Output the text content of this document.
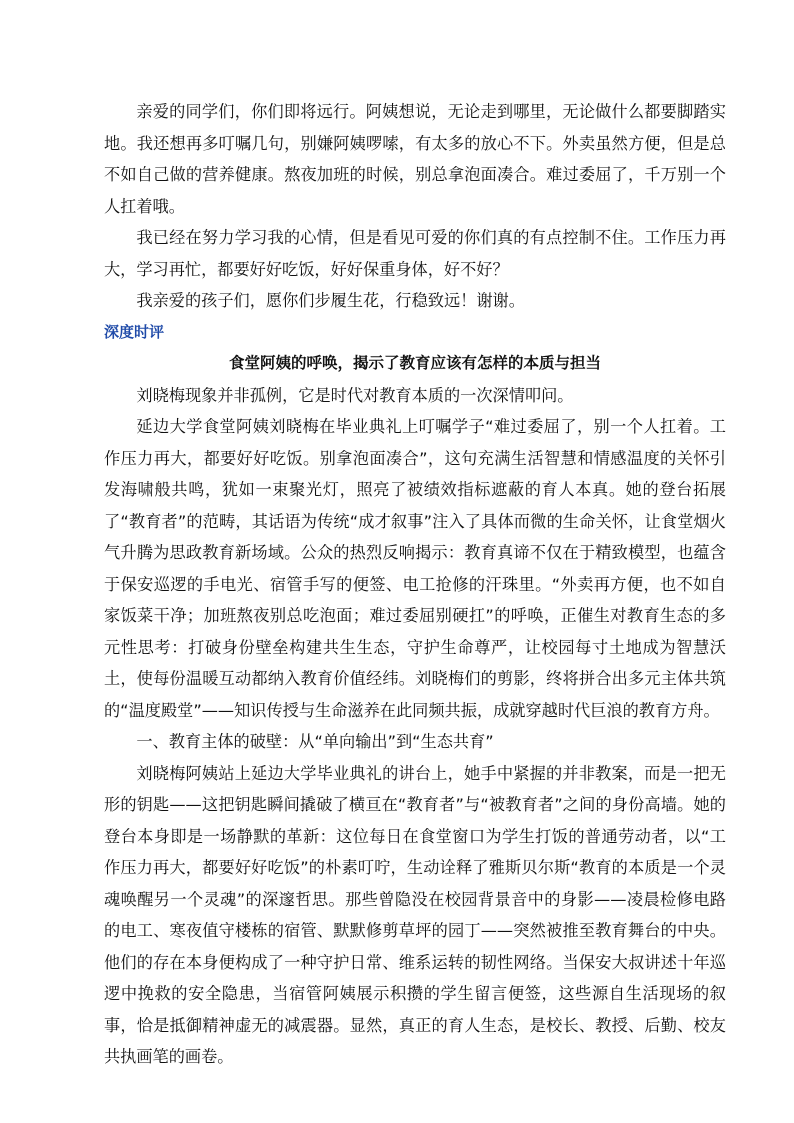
亲爱的同学们，你们即将远行。阿姨想说，无论走到哪里，无论做什么都要脚踏实地。我还想再多叮嘱几句，别嫌阿姨啰嗦，有太多的放心不下。外卖虽然方便，但是总不如自己做的营养健康。熬夜加班的时候，别总拿泡面凑合。难过委屈了，千万别一个人扛着哦。

我已经在努力学习我的心情，但是看见可爱的你们真的有点控制不住。工作压力再大，学习再忙，都要好好吃饭，好好保重身体，好不好？

我亲爱的孩子们，愿你们步履生花，行稳致远！谢谢。

深度时评

食堂阿姨的呼唤，揭示了教育应该有怎样的本质与担当

刘晓梅现象并非孤例，它是时代对教育本质的一次深情叩问。

延边大学食堂阿姨刘晓梅在毕业典礼上叮嘱学子“难过委屈了，别一个人扛着。工作压力再大，都要好好吃饭。别拿泡面凑合”，这句充满生活智慧和情感温度的关怀引发海啸般共鸣，犹如一束聚光灯，照亮了被绩效指标遮蔽的育人本真。她的登台拓展了“教育者”的范畴，其话语为传统“成才叙事”注入了具体而微的生命关怀，让食堂烟火气升腾为思政教育新场域。公众的热烈反响揭示：教育真谛不仅在于精致模型，也蕴含于保安巡逻的手电光、宿管手写的便签、电工抢修的汗珠里。“外卖再方便，也不如自家饭菜干净；加班熬夜别总吃泡面；难过委屈别硬扛”的呼唤，正催生对教育生态的多元性思考：打破身份壁垒构建共生生态，守护生命尊严，让校园每寸土地成为智慧沃土，使每份温暖互动都纳入教育价值经纬。刘晓梅们的剪影，终将拼合出多元主体共筑的“温度殿堂”——知识传授与生命滋养在此同频共振，成就穿越时代巨浪的教育方舟。

一、教育主体的破壁：从“单向输出”到“生态共育”

刘晓梅阿姨站上延边大学毕业典礼的讲台上，她手中紧握的并非教案，而是一把无形的钥匙——这把钥匙瞬间撬破了横亘在“教育者”与“被教育者”之间的身份高墙。她的登台本身即是一场静默的革新：这位每日在食堂窗口为学生打饭的普通劳动者，以“工作压力再大，都要好好吃饭”的朴素叮咛，生动诠释了雅斯贝尔斯“教育的本质是一个灵魂唤醒另一个灵魂”的深邃哲思。那些曾隐没在校园背景音中的身影——凌晨检修电路的电工、寒夜值守楼栋的宿管、默默修剪草坪的园丁——突然被推至教育舞台的中央。他们的存在本身便构成了一种守护日常、维系运转的韧性网络。当保安大叔讲述十年巡逻中挽救的安全隐患，当宿管阿姨展示积攒的学生留言便签，这些源自生活现场的叙事，恰是抵御精神虚无的减震器。显然，真正的育人生态，是校长、教授、后勤、校友共执画笔的画卷。
